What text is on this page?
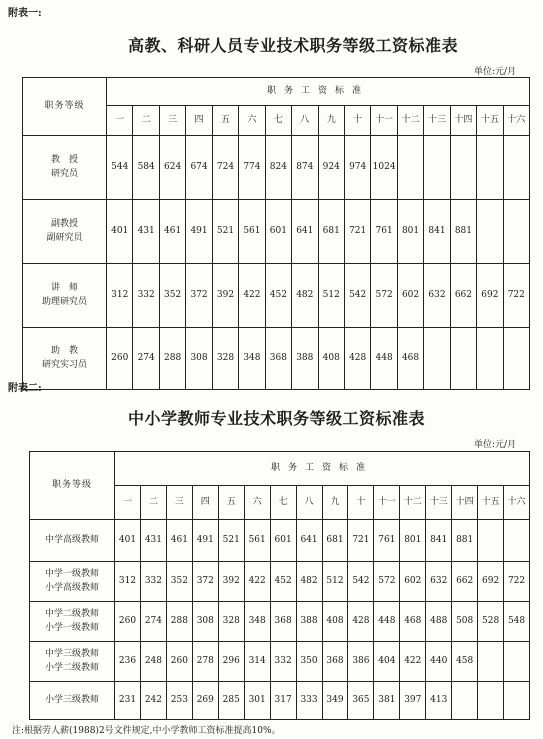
附表一:
高教、科研人员专业技术职务等级工资标准表
单位:元/月
职务等级	职务工资标准															
	一	二	三	四	五	六	七	八	九	十	十一	十二	十三	十四	十五	十六

教　授
研究员	544	584	624	674	724	774	824	874	924	974	1024					

副教授
副研究员	401	431	461	491	521	561	601	641	681	721	761	801	841	881		

讲　师
助理研究员	312	332	352	372	392	422	452	482	512	542	572	602	632	662	692	722

助　教
研究实习员	260	274	288	308	328	348	368	388	408	428	448	468				
附表二:
中小学教师专业技术职务等级工资标准表
单位:元/月
职务等级	职务工资标准															
	一	二	三	四	五	六	七	八	九	十	十一	十二	十三	十四	十五	十六

中学高级教师	401	431	461	491	521	561	601	641	681	721	761	801	841	881		

中学一级教师
小学高级教师	312	332	352	372	392	422	452	482	512	542	572	602	632	662	692	722

中学二级教师
小学一级教师	260	274	288	308	328	348	368	388	408	428	448	468	488	508	528	548

中学三级教师
小学二级教师	236	248	260	278	296	314	332	350	368	386	404	422	440	458		

小学三级教师	231	242	253	269	285	301	317	333	349	365	381	397	413			
注:根据劳人薪(1988)2号文件规定,中小学教师工资标准提高10%。
